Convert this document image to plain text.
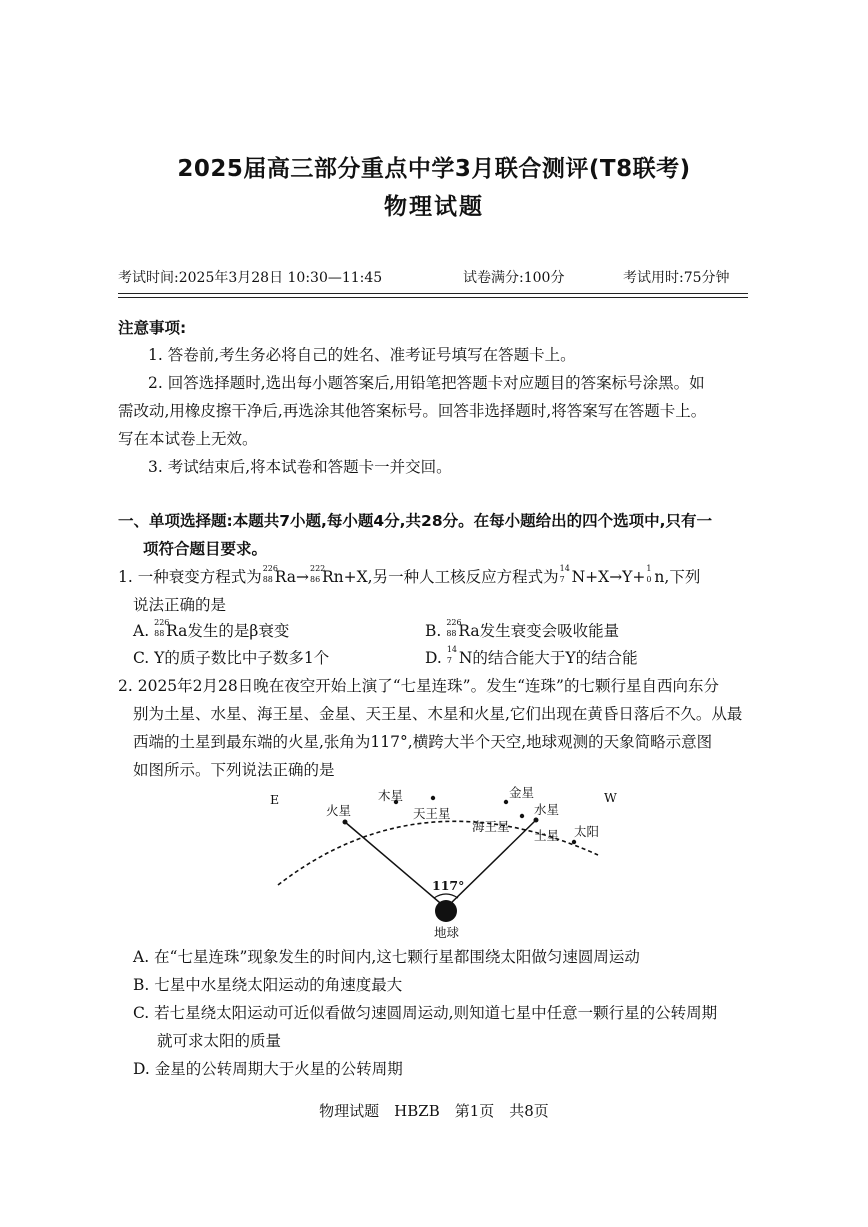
2025届高三部分重点中学3月联合测评(T8联考)
物理试题
考试时间:2025年3月28日 10:30—11:45	试卷满分:100分	考试用时:75分钟
注意事项:
1. 答卷前,考生务必将自己的姓名、准考证号填写在答题卡上。
2. 回答选择题时,选出每小题答案后,用铅笔把答题卡对应题目的答案标号涂黑。如
需改动,用橡皮擦干净后,再选涂其他答案标号。回答非选择题时,将答案写在答题卡上。
写在本试卷上无效。
3. 考试结束后,将本试卷和答题卡一并交回。
一、单项选择题:本题共7小题,每小题4分,共28分。在每小题给出的四个选项中,只有一
项符合题目要求。
1. 一种衰变方程式为 226
88 Ra→ 222
86 Rn+X,另一种人工核反应方程式为 14
7 N+X→Y+ 1
0 n,下列
说法正确的是
A. 226
88 Ra发生的是β衰变	B. 226
88 Ra发生衰变会吸收能量
C. Y的质子数比中子数多1个	D. 14
7 N的结合能大于Y的结合能
2. 2025年2月28日晚在夜空开始上演了“七星连珠”。发生“连珠”的七颗行星自西向东分
别为土星、水星、海王星、金星、天王星、木星和火星,它们出现在黄昏日落后不久。从最
西端的土星到最东端的火星,张角为117°,横跨大半个天空,地球观测的天象简略示意图
如图所示。下列说法正确的是
E	W
火星
木星
天王星
金星
水星
海王星
土星 太阳
117°
地球
A. 在“七星连珠”现象发生的时间内,这七颗行星都围绕太阳做匀速圆周运动
B. 七星中水星绕太阳运动的角速度最大
C. 若七星绕太阳运动可近似看做匀速圆周运动,则知道七星中任意一颗行星的公转周期
就可求太阳的质量
D. 金星的公转周期大于火星的公转周期
物理试题　HBZB　第1页　共8页
